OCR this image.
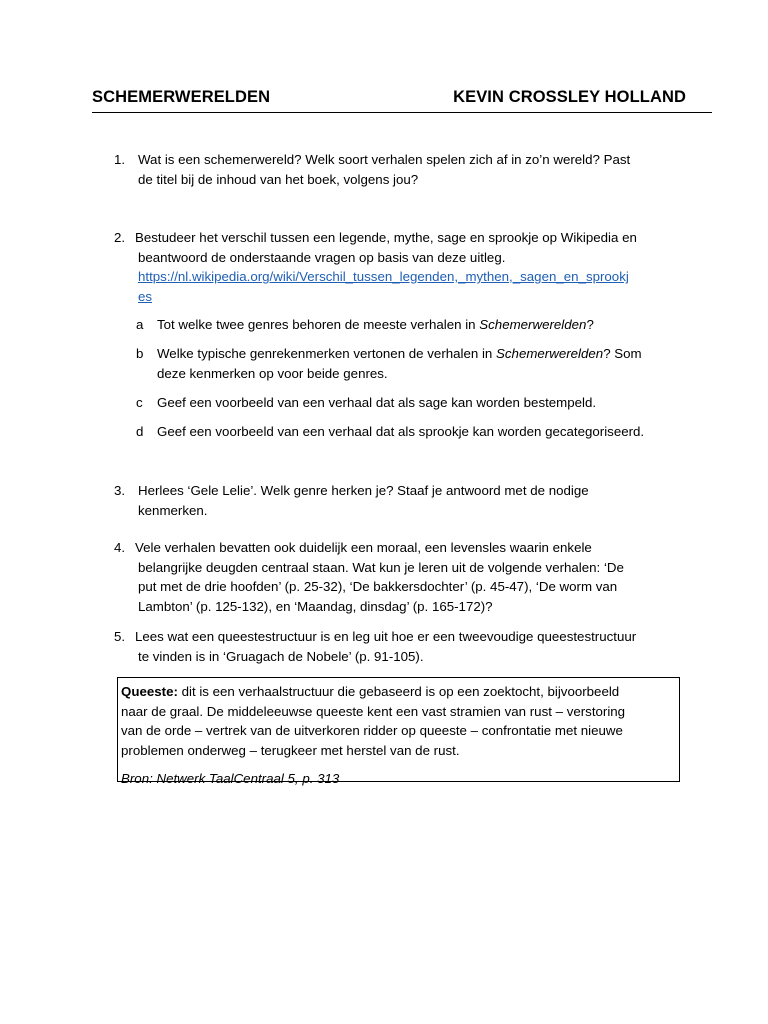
SCHEMERWERELDEN	KEVIN CROSSLEY HOLLAND
1. Wat is een schemerwereld? Welk soort verhalen spelen zich af in zo’n wereld? Past
de titel bij de inhoud van het boek, volgens jou?
2. Bestudeer het verschil tussen een legende, mythe, sage en sprookje op Wikipedia en
beantwoord de onderstaande vragen op basis van deze uitleg.
https://nl.wikipedia.org/wiki/Verschil_tussen_legenden,_mythen,_sagen_en_sprookj
es
a Tot welke twee genres behoren de meeste verhalen in Schemerwerelden?
b Welke typische genrekenmerken vertonen de verhalen in Schemerwerelden? Som
deze kenmerken op voor beide genres.
c Geef een voorbeeld van een verhaal dat als sage kan worden bestempeld.
d Geef een voorbeeld van een verhaal dat als sprookje kan worden gecategoriseerd.
3. Herlees ‘Gele Lelie’. Welk genre herken je? Staaf je antwoord met de nodige
kenmerken.
4. Vele verhalen bevatten ook duidelijk een moraal, een levensles waarin enkele
belangrijke deugden centraal staan. Wat kun je leren uit de volgende verhalen: ‘De
put met de drie hoofden’ (p. 25-32), ‘De bakkersdochter’ (p. 45-47), ‘De worm van
Lambton’ (p. 125-132), en ‘Maandag, dinsdag’ (p. 165-172)?
5. Lees wat een queestestructuur is en leg uit hoe er een tweevoudige queestestructuur
te vinden is in ‘Gruagach de Nobele’ (p. 91-105).
Queeste: dit is een verhaalstructuur die gebaseerd is op een zoektocht, bijvoorbeeld
naar de graal. De middeleeuwse queeste kent een vast stramien van rust – verstoring
van de orde – vertrek van de uitverkoren ridder op queeste – confrontatie met nieuwe
problemen onderweg – terugkeer met herstel van de rust.
Bron: Netwerk TaalCentraal 5, p. 313
